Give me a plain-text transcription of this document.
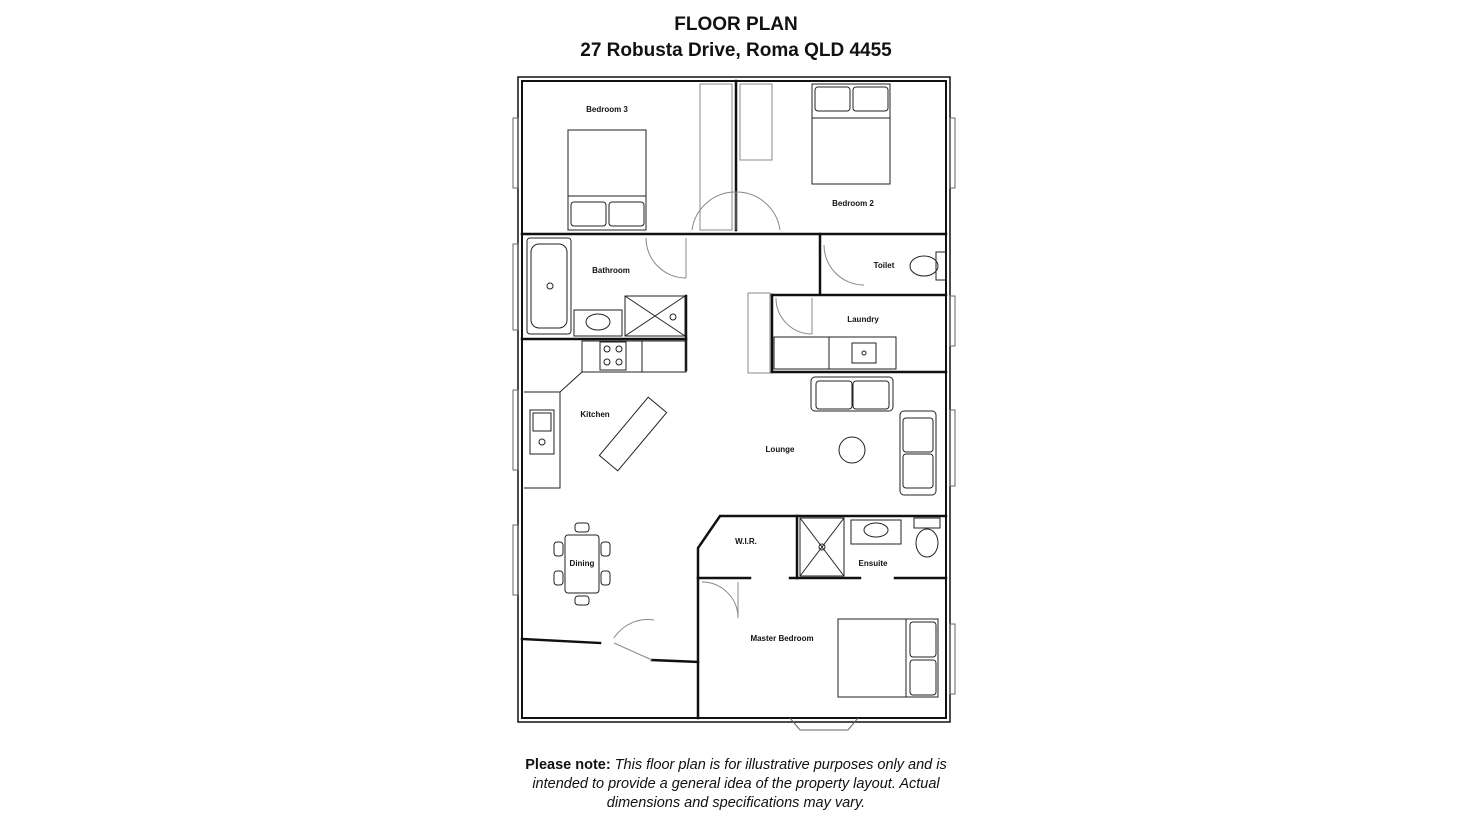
FLOOR PLAN
27 Robusta Drive, Roma QLD 4455
Bedroom 3
Bedroom 2
Bathroom
Toilet
Laundry
Kitchen
Lounge
W.I.R.
Ensuite
Dining
Master Bedroom
Please note: This floor plan is for illustrative purposes only and is intended to provide a general idea of the property layout. Actual dimensions and specifications may vary.
